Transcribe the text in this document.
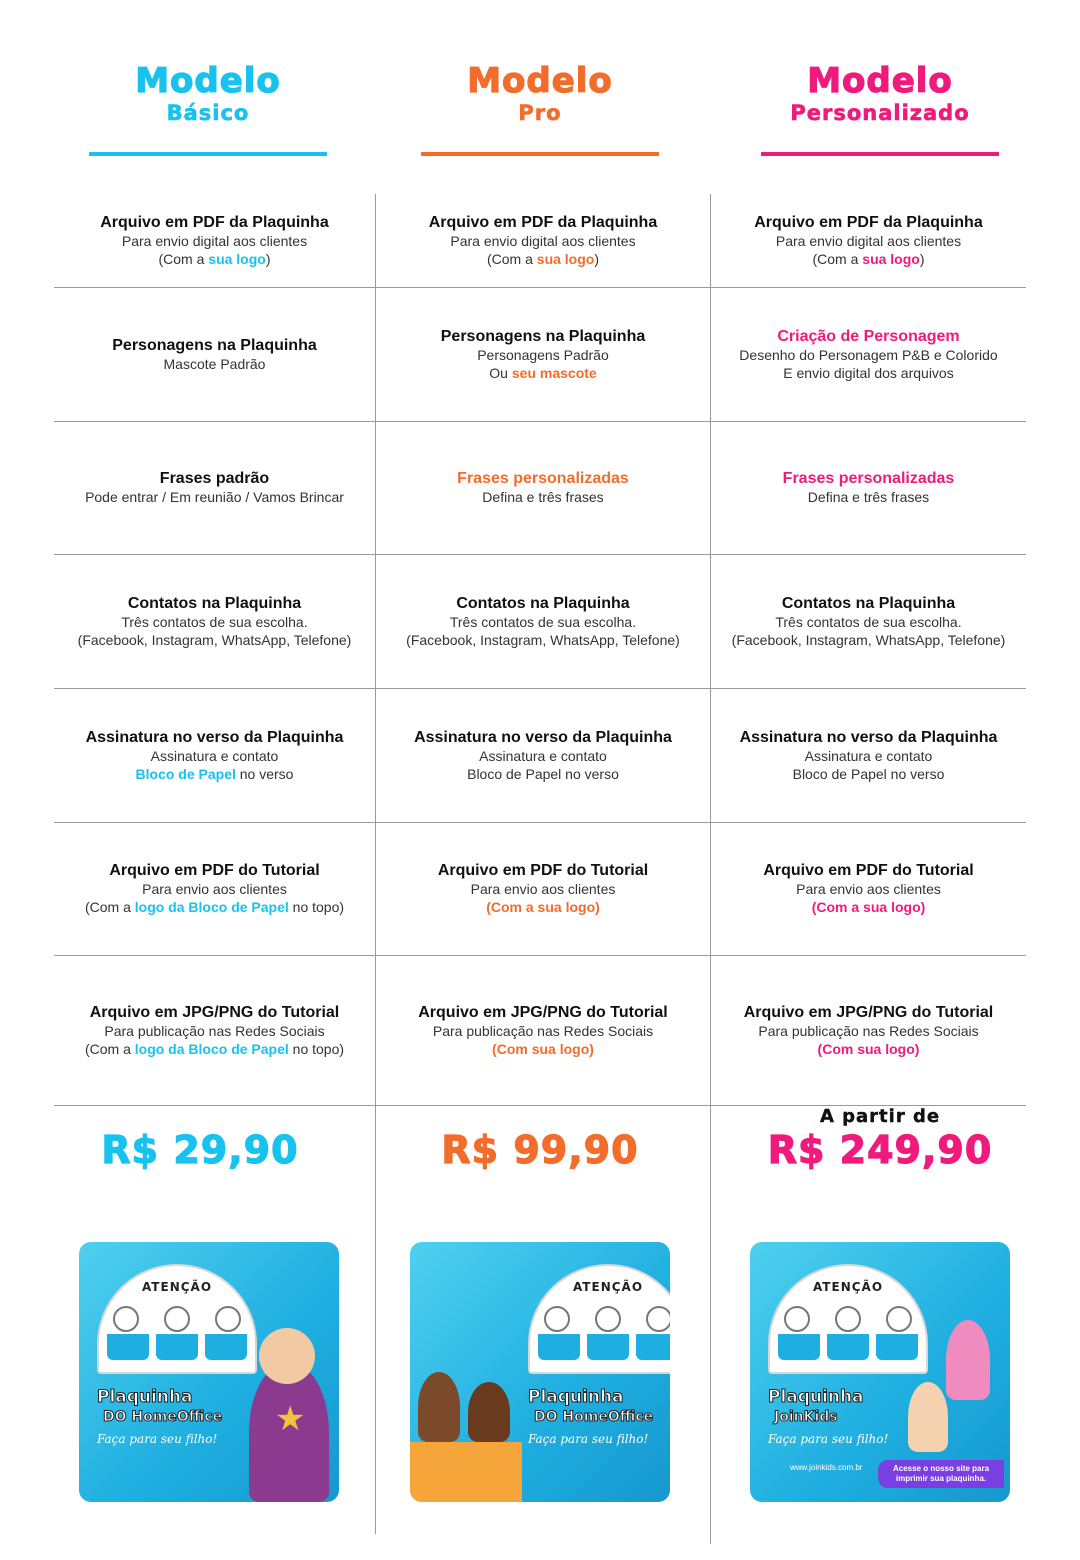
Modelo
Básico
Arquivo em PDF da Plaquinha
Para envio digital aos clientes
(Com a sua logo)
Personagens na Plaquinha
Mascote Padrão
Frases padrão
Pode entrar / Em reunião / Vamos Brincar
Contatos na Plaquinha
Três contatos de sua escolha.
(Facebook, Instagram, WhatsApp, Telefone)
Assinatura no verso da Plaquinha
Assinatura e contato
Bloco de Papel no verso
Arquivo em PDF do Tutorial
Para envio aos clientes
(Com a logo da Bloco de Papel no topo)
Arquivo em JPG/PNG do Tutorial
Para publicação nas Redes Sociais
(Com a logo da Bloco de Papel no topo)
R$ 29,90
ATENÇÃO
Plaquinha
DO HomeOffice
Faça para seu filho!
★
Modelo
Pro
Arquivo em PDF da Plaquinha
Para envio digital aos clientes
(Com a sua logo)
Personagens na Plaquinha
Personagens Padrão
Ou seu mascote
Frases personalizadas
Defina e três frases
Contatos na Plaquinha
Três contatos de sua escolha.
(Facebook, Instagram, WhatsApp, Telefone)
Assinatura no verso da Plaquinha
Assinatura e contato
Bloco de Papel no verso
Arquivo em PDF do Tutorial
Para envio aos clientes
(Com a sua logo)
Arquivo em JPG/PNG do Tutorial
Para publicação nas Redes Sociais
(Com sua logo)
R$ 99,90
ATENÇÃO
Plaquinha
DO HomeOffice
Faça para seu filho!
Modelo
Personalizado
Arquivo em PDF da Plaquinha
Para envio digital aos clientes
(Com a sua logo)
Criação de Personagem
Desenho do Personagem P&B e Colorido
E envio digital dos arquivos
Frases personalizadas
Defina e três frases
Contatos na Plaquinha
Três contatos de sua escolha.
(Facebook, Instagram, WhatsApp, Telefone)
Assinatura no verso da Plaquinha
Assinatura e contato
Bloco de Papel no verso
Arquivo em PDF do Tutorial
Para envio aos clientes
(Com a sua logo)
Arquivo em JPG/PNG do Tutorial
Para publicação nas Redes Sociais
(Com sua logo)
A partir de
R$ 249,90
ATENÇÃO
Plaquinha
JoinKids
Faça para seu filho!
www.joinkids.com.br	Acesse o nosso site para imprimir sua plaquinha.
